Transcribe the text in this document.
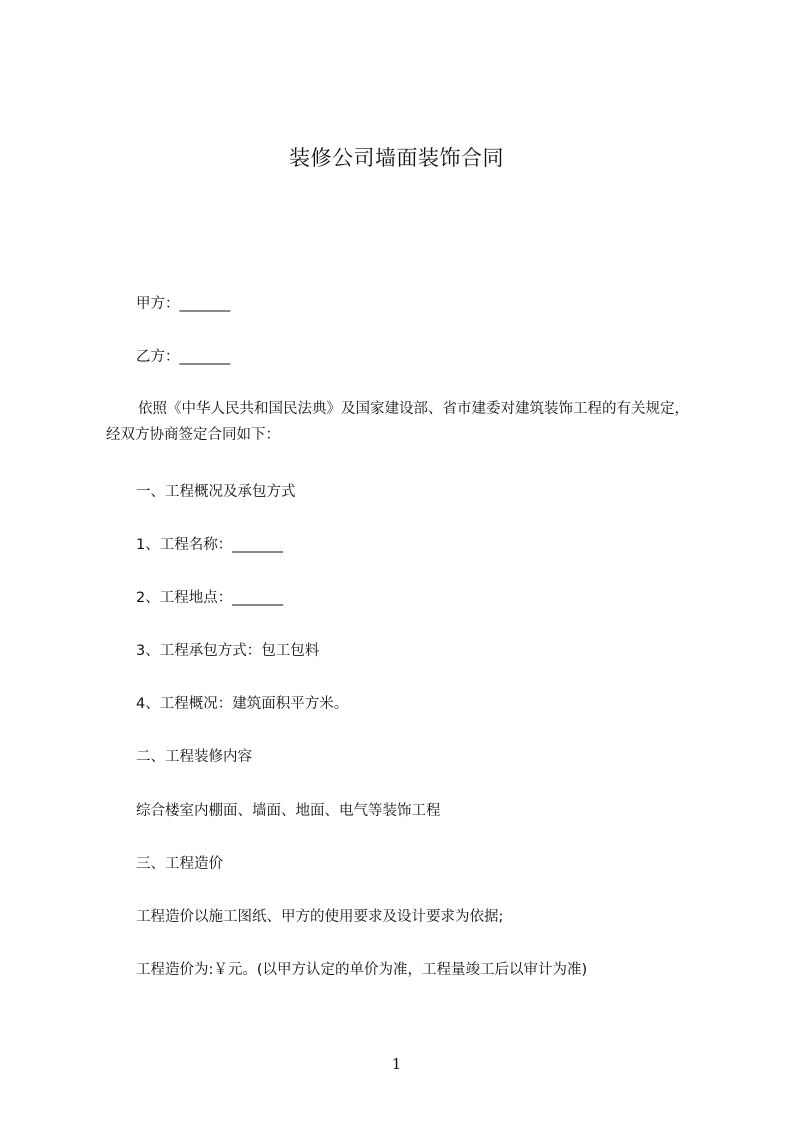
装修公司墙面装饰合同
甲方：_______
乙方：_______
依照《中华人民共和国民法典》及国家建设部、省市建委对建筑装饰工程的有关规定，经双方协商签定合同如下：
一、工程概况及承包方式
1、工程名称：_______
2、工程地点：_______
3、工程承包方式：包工包料
4、工程概况：建筑面积平方米。
二、工程装修内容
综合楼室内棚面、墙面、地面、电气等装饰工程
三、工程造价
工程造价以施工图纸、甲方的使用要求及设计要求为依据;
工程造价为:￥元。(以甲方认定的单价为准，工程量竣工后以审计为准)
1
